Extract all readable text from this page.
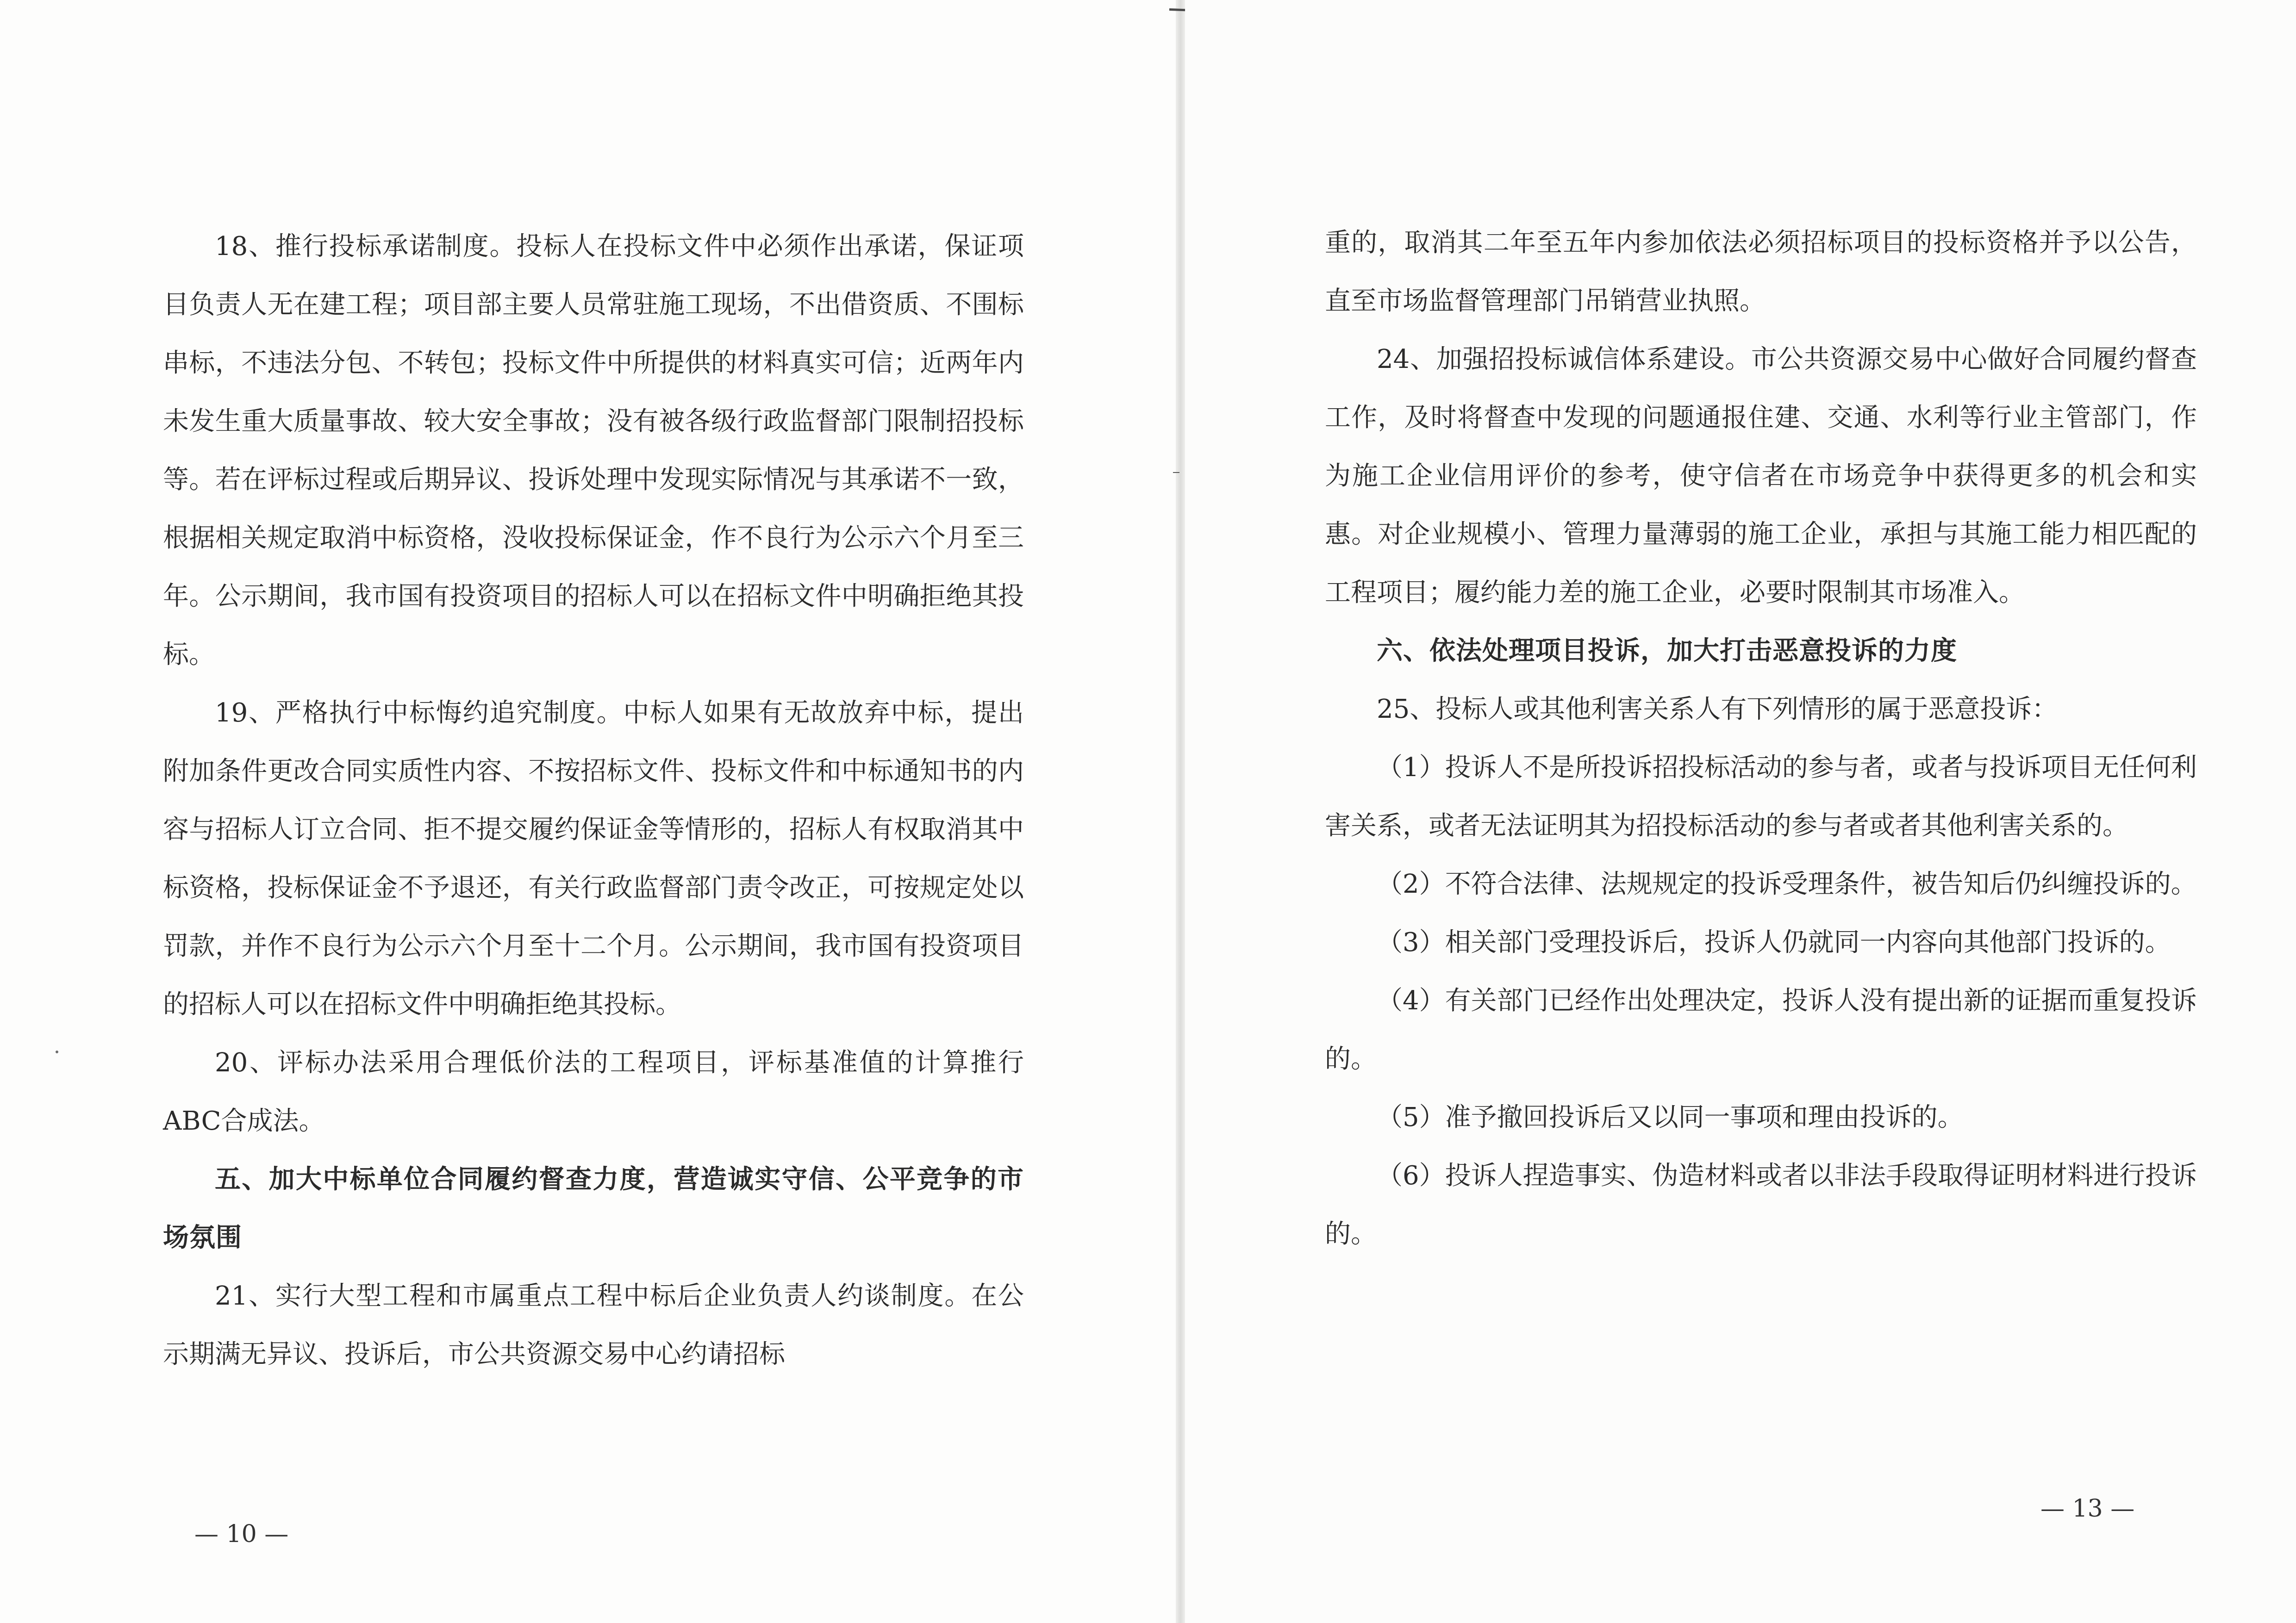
18、推行投标承诺制度。投标人在投标文件中必须作出承诺，保证项目负责人无在建工程；项目部主要人员常驻施工现场，不出借资质、不围标串标，不违法分包、不转包；投标文件中所提供的材料真实可信；近两年内未发生重大质量事故、较大安全事故；没有被各级行政监督部门限制招投标等。若在评标过程或后期异议、投诉处理中发现实际情况与其承诺不一致，根据相关规定取消中标资格，没收投标保证金，作不良行为公示六个月至三年。公示期间，我市国有投资项目的招标人可以在招标文件中明确拒绝其投标。

19、严格执行中标悔约追究制度。中标人如果有无故放弃中标，提出附加条件更改合同实质性内容、不按招标文件、投标文件和中标通知书的内容与招标人订立合同、拒不提交履约保证金等情形的，招标人有权取消其中标资格，投标保证金不予退还，有关行政监督部门责令改正，可按规定处以罚款，并作不良行为公示六个月至十二个月。公示期间，我市国有投资项目的招标人可以在招标文件中明确拒绝其投标。

20、评标办法采用合理低价法的工程项目，评标基准值的计算推行ABC合成法。

五、加大中标单位合同履约督查力度，营造诚实守信、公平竞争的市场氛围

21、实行大型工程和市属重点工程中标后企业负责人约谈制度。在公示期满无异议、投诉后，市公共资源交易中心约请招标

— 10 —

重的，取消其二年至五年内参加依法必须招标项目的投标资格并予以公告，直至市场监督管理部门吊销营业执照。

24、加强招投标诚信体系建设。市公共资源交易中心做好合同履约督查工作，及时将督查中发现的问题通报住建、交通、水利等行业主管部门，作为施工企业信用评价的参考，使守信者在市场竞争中获得更多的机会和实惠。对企业规模小、管理力量薄弱的施工企业，承担与其施工能力相匹配的工程项目；履约能力差的施工企业，必要时限制其市场准入。

六、依法处理项目投诉，加大打击恶意投诉的力度

25、投标人或其他利害关系人有下列情形的属于恶意投诉：

（1）投诉人不是所投诉招投标活动的参与者，或者与投诉项目无任何利害关系，或者无法证明其为招投标活动的参与者或者其他利害关系的。

（2）不符合法律、法规规定的投诉受理条件，被告知后仍纠缠投诉的。

（3）相关部门受理投诉后，投诉人仍就同一内容向其他部门投诉的。

（4）有关部门已经作出处理决定，投诉人没有提出新的证据而重复投诉的。

（5）准予撤回投诉后又以同一事项和理由投诉的。

（6）投诉人捏造事实、伪造材料或者以非法手段取得证明材料进行投诉的。

— 13 —
